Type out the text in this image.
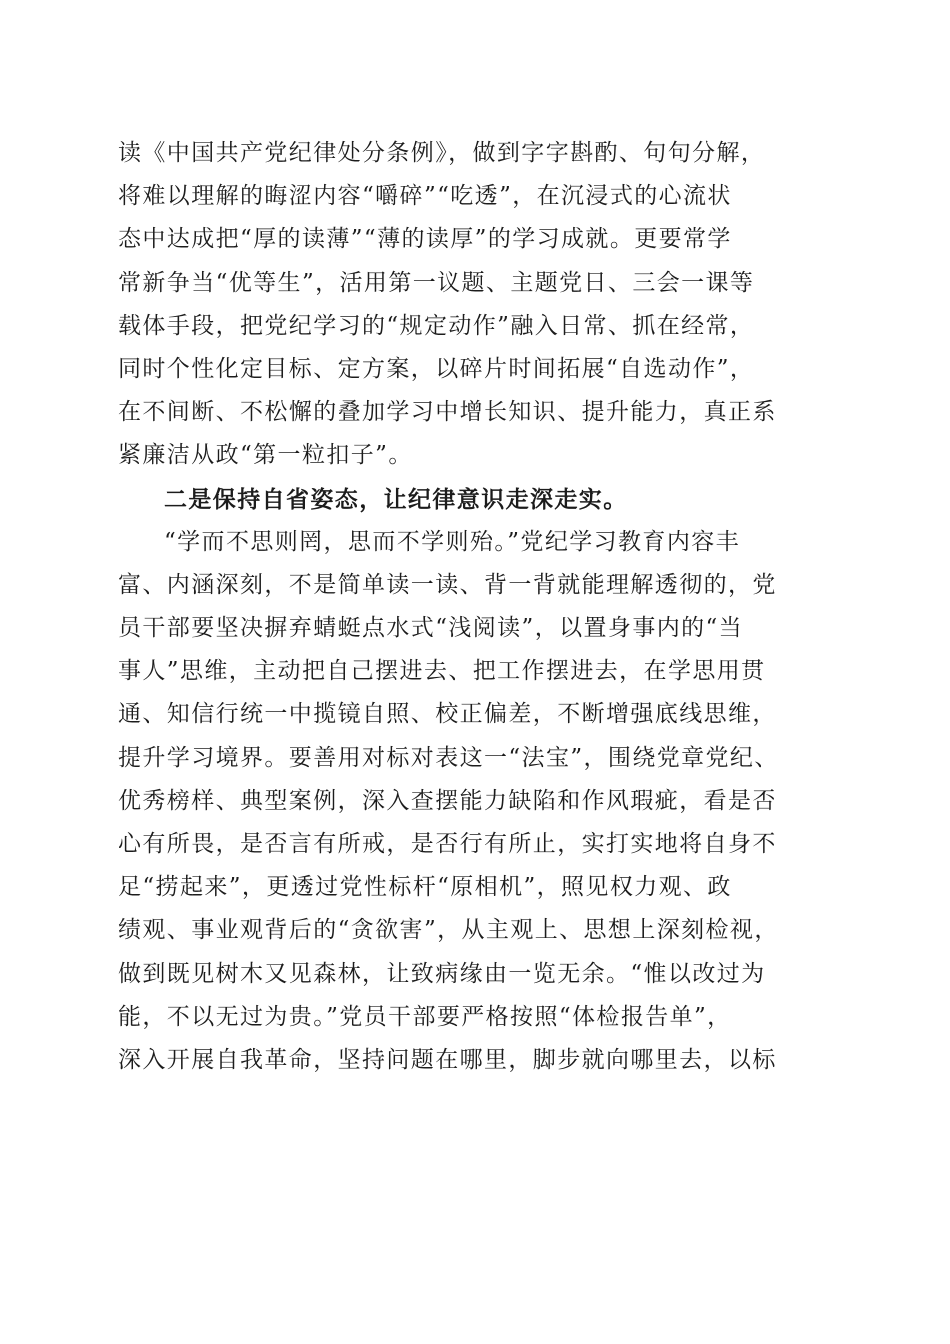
读《中国共产党纪律处分条例》，做到字字斟酌、句句分解，
将难以理解的晦涩内容“嚼碎”“吃透”，在沉浸式的心流状
态中达成把“厚的读薄”“薄的读厚”的学习成就。更要常学
常新争当“优等生”，活用第一议题、主题党日、三会一课等
载体手段，把党纪学习的“规定动作”融入日常、抓在经常，
同时个性化定目标、定方案，以碎片时间拓展“自选动作”，
在不间断、不松懈的叠加学习中增长知识、提升能力，真正系
紧廉洁从政“第一粒扣子”。
二是保持自省姿态，让纪律意识走深走实。
“学而不思则罔，思而不学则殆。”党纪学习教育内容丰
富、内涵深刻，不是简单读一读、背一背就能理解透彻的，党
员干部要坚决摒弃蜻蜓点水式“浅阅读”，以置身事内的“当
事人”思维，主动把自己摆进去、把工作摆进去，在学思用贯
通、知信行统一中揽镜自照、校正偏差，不断增强底线思维，
提升学习境界。要善用对标对表这一“法宝”，围绕党章党纪、
优秀榜样、典型案例，深入查摆能力缺陷和作风瑕疵，看是否
心有所畏，是否言有所戒，是否行有所止，实打实地将自身不
足“捞起来”，更透过党性标杆“原相机”，照见权力观、政
绩观、事业观背后的“贪欲害”，从主观上、思想上深刻检视，
做到既见树木又见森林，让致病缘由一览无余。“惟以改过为
能，不以无过为贵。”党员干部要严格按照“体检报告单”，
深入开展自我革命，坚持问题在哪里，脚步就向哪里去，以标
